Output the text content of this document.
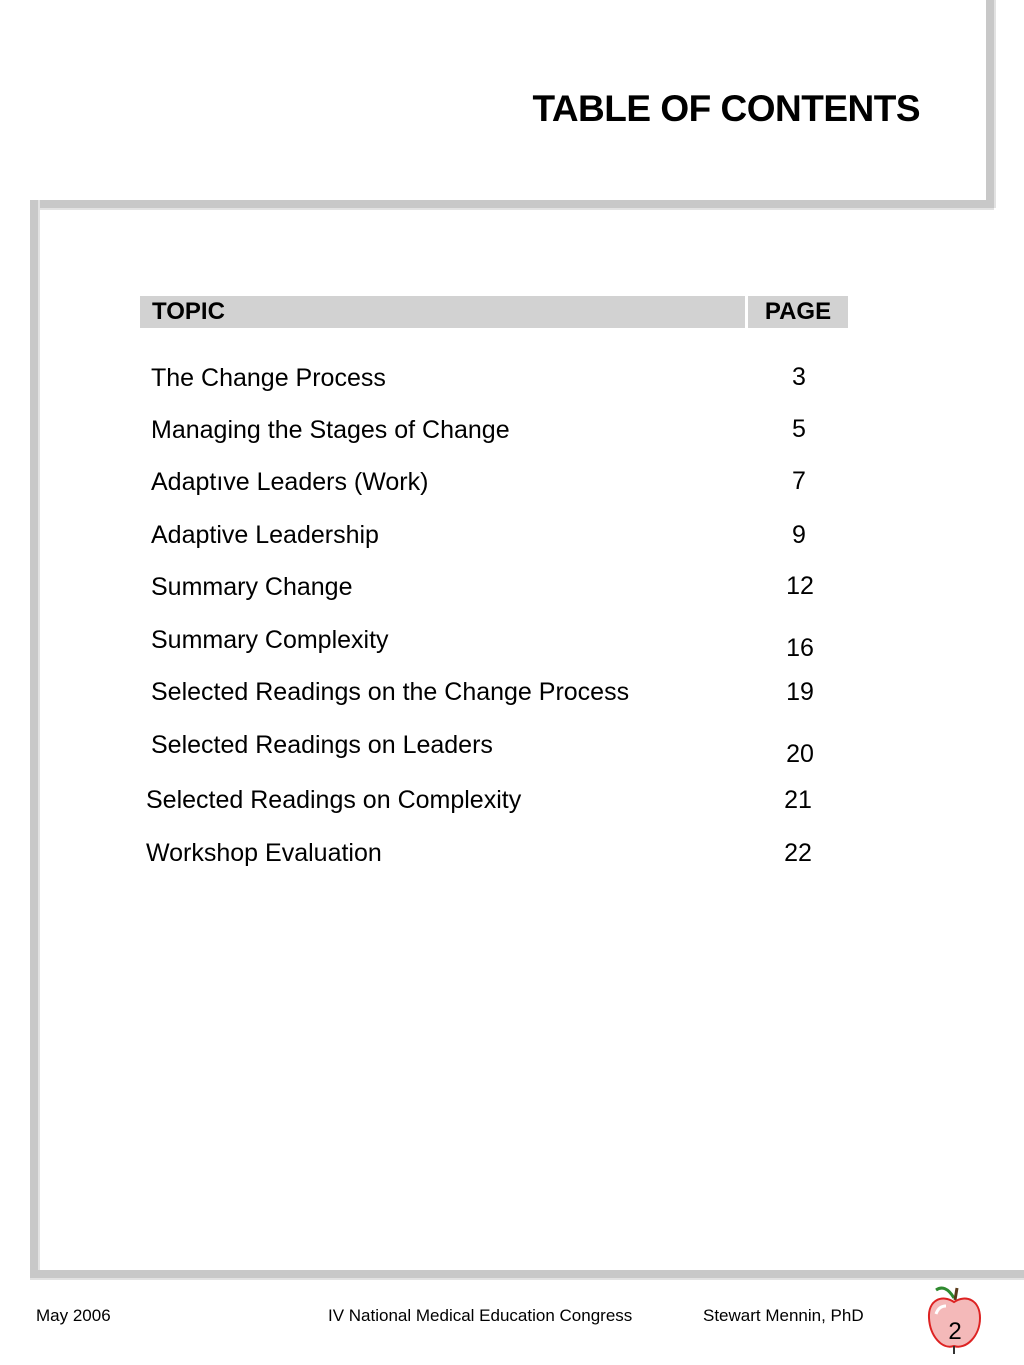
TABLE OF CONTENTS
TOPIC	PAGE
The Change Process	3
Managing the Stages of Change	5
Adaptıve Leaders (Work)	7
Adaptive Leadership	9
Summary Change	12
Summary Complexity	16
Selected Readings on the Change Process	19
Selected Readings on Leaders	20
Selected Readings on Complexity	21
Workshop Evaluation	22
May 2006	IV National Medical Education Congress	Stewart Mennin, PhD
2
